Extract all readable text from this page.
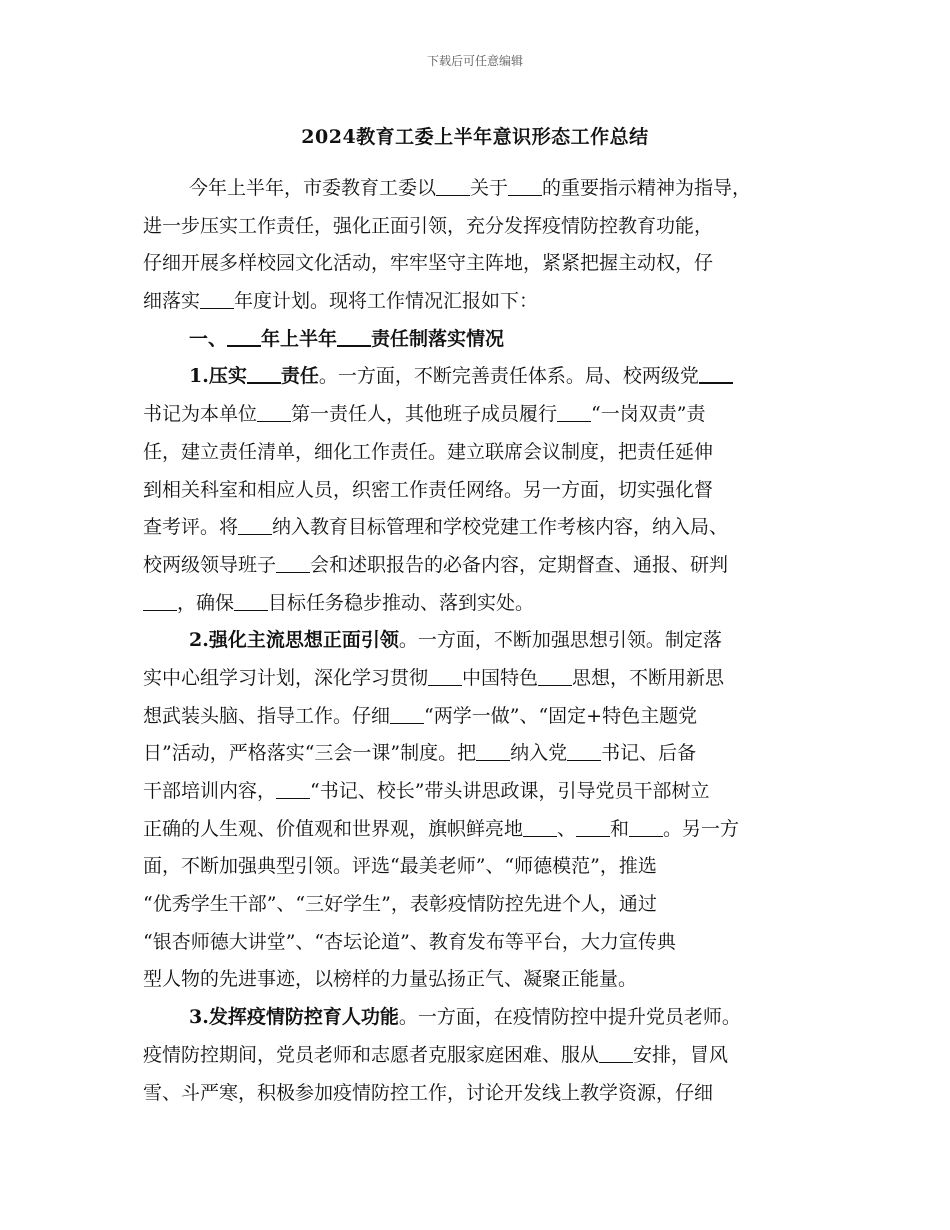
下载后可任意编辑
2024教育工委上半年意识形态工作总结
今年上半年，市委教育工委以 关于 的重要指示精神为指导，
进一步压实工作责任，强化正面引领，充分发挥疫情防控教育功能，
仔细开展多样校园文化活动，牢牢坚守主阵地，紧紧把握主动权，仔
细落实 年度计划。现将工作情况汇报如下：
一、 年上半年 责任制落实情况
1.压实 责任。一方面，不断完善责任体系。局、校两级党
书记为本单位 第一责任人，其他班子成员履行 “一岗双责”责
任，建立责任清单，细化工作责任。建立联席会议制度，把责任延伸
到相关科室和相应人员，织密工作责任网络。另一方面，切实强化督
查考评。将 纳入教育目标管理和学校党建工作考核内容，纳入局、
校两级领导班子 会和述职报告的必备内容，定期督查、通报、研判
，确保 目标任务稳步推动、落到实处。
2.强化主流思想正面引领。一方面，不断加强思想引领。制定落
实中心组学习计划，深化学习贯彻 中国特色 思想，不断用新思
想武装头脑、指导工作。仔细 “两学一做”、“固定+特色主题党
日”活动，严格落实“三会一课”制度。把 纳入党 书记、后备
干部培训内容， “书记、校长”带头讲思政课，引导党员干部树立
正确的人生观、价值观和世界观，旗帜鲜亮地 、 和 。另一方
面，不断加强典型引领。评选“最美老师”、“师德模范”，推选
“优秀学生干部”、“三好学生”，表彰疫情防控先进个人，通过
“银杏师德大讲堂”、“杏坛论道”、教育发布等平台，大力宣传典
型人物的先进事迹，以榜样的力量弘扬正气、凝聚正能量。
3.发挥疫情防控育人功能。一方面，在疫情防控中提升党员老师。
疫情防控期间，党员老师和志愿者克服家庭困难、服从 安排，冒风
雪、斗严寒，积极参加疫情防控工作，讨论开发线上教学资源，仔细
